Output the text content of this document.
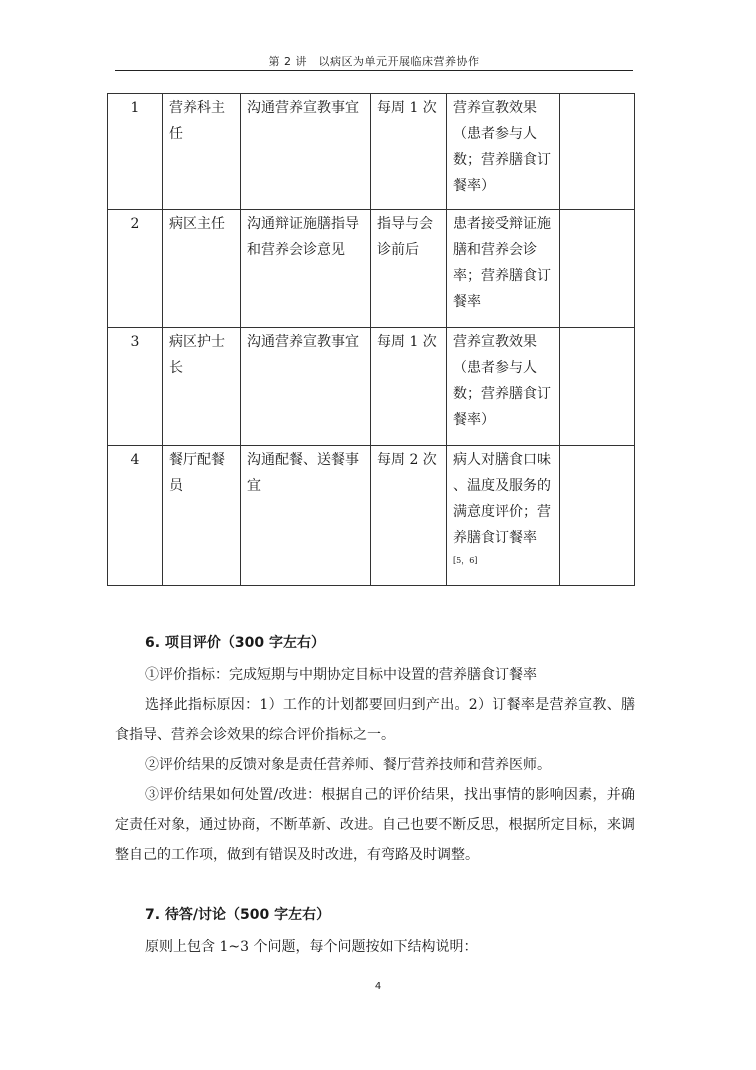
第 2 讲　以病区为单元开展临床营养协作
1	营养科主任	沟通营养宣教事宜	每周 1 次	营养宣教效果（患者参与人数；营养膳食订餐率）	
2	病区主任	沟通辩证施膳指导和营养会诊意见	指导与会诊前后	患者接受辩证施膳和营养会诊率；营养膳食订餐率	
3	病区护士长	沟通营养宣教事宜	每周 1 次	营养宣教效果（患者参与人数；营养膳食订餐率）	
4	餐厅配餐员	沟通配餐、送餐事宜	每周 2 次	病人对膳食口味 、温度及服务的满意度评价；营养膳食订餐率[5，6]	
6. 项目评价（300 字左右）
①评价指标：完成短期与中期协定目标中设置的营养膳食订餐率
选择此指标原因：1）工作的计划都要回归到产出。2）订餐率是营养宣教、膳食指导、营养会诊效果的综合评价指标之一。
②评价结果的反馈对象是责任营养师、餐厅营养技师和营养医师。
③评价结果如何处置/改进：根据自己的评价结果，找出事情的影响因素，并确定责任对象，通过协商，不断革新、改进。自己也要不断反思，根据所定目标，来调整自己的工作项，做到有错误及时改进，有弯路及时调整。
7. 待答/讨论（500 字左右）
原则上包含 1~3 个问题，每个问题按如下结构说明：
4
